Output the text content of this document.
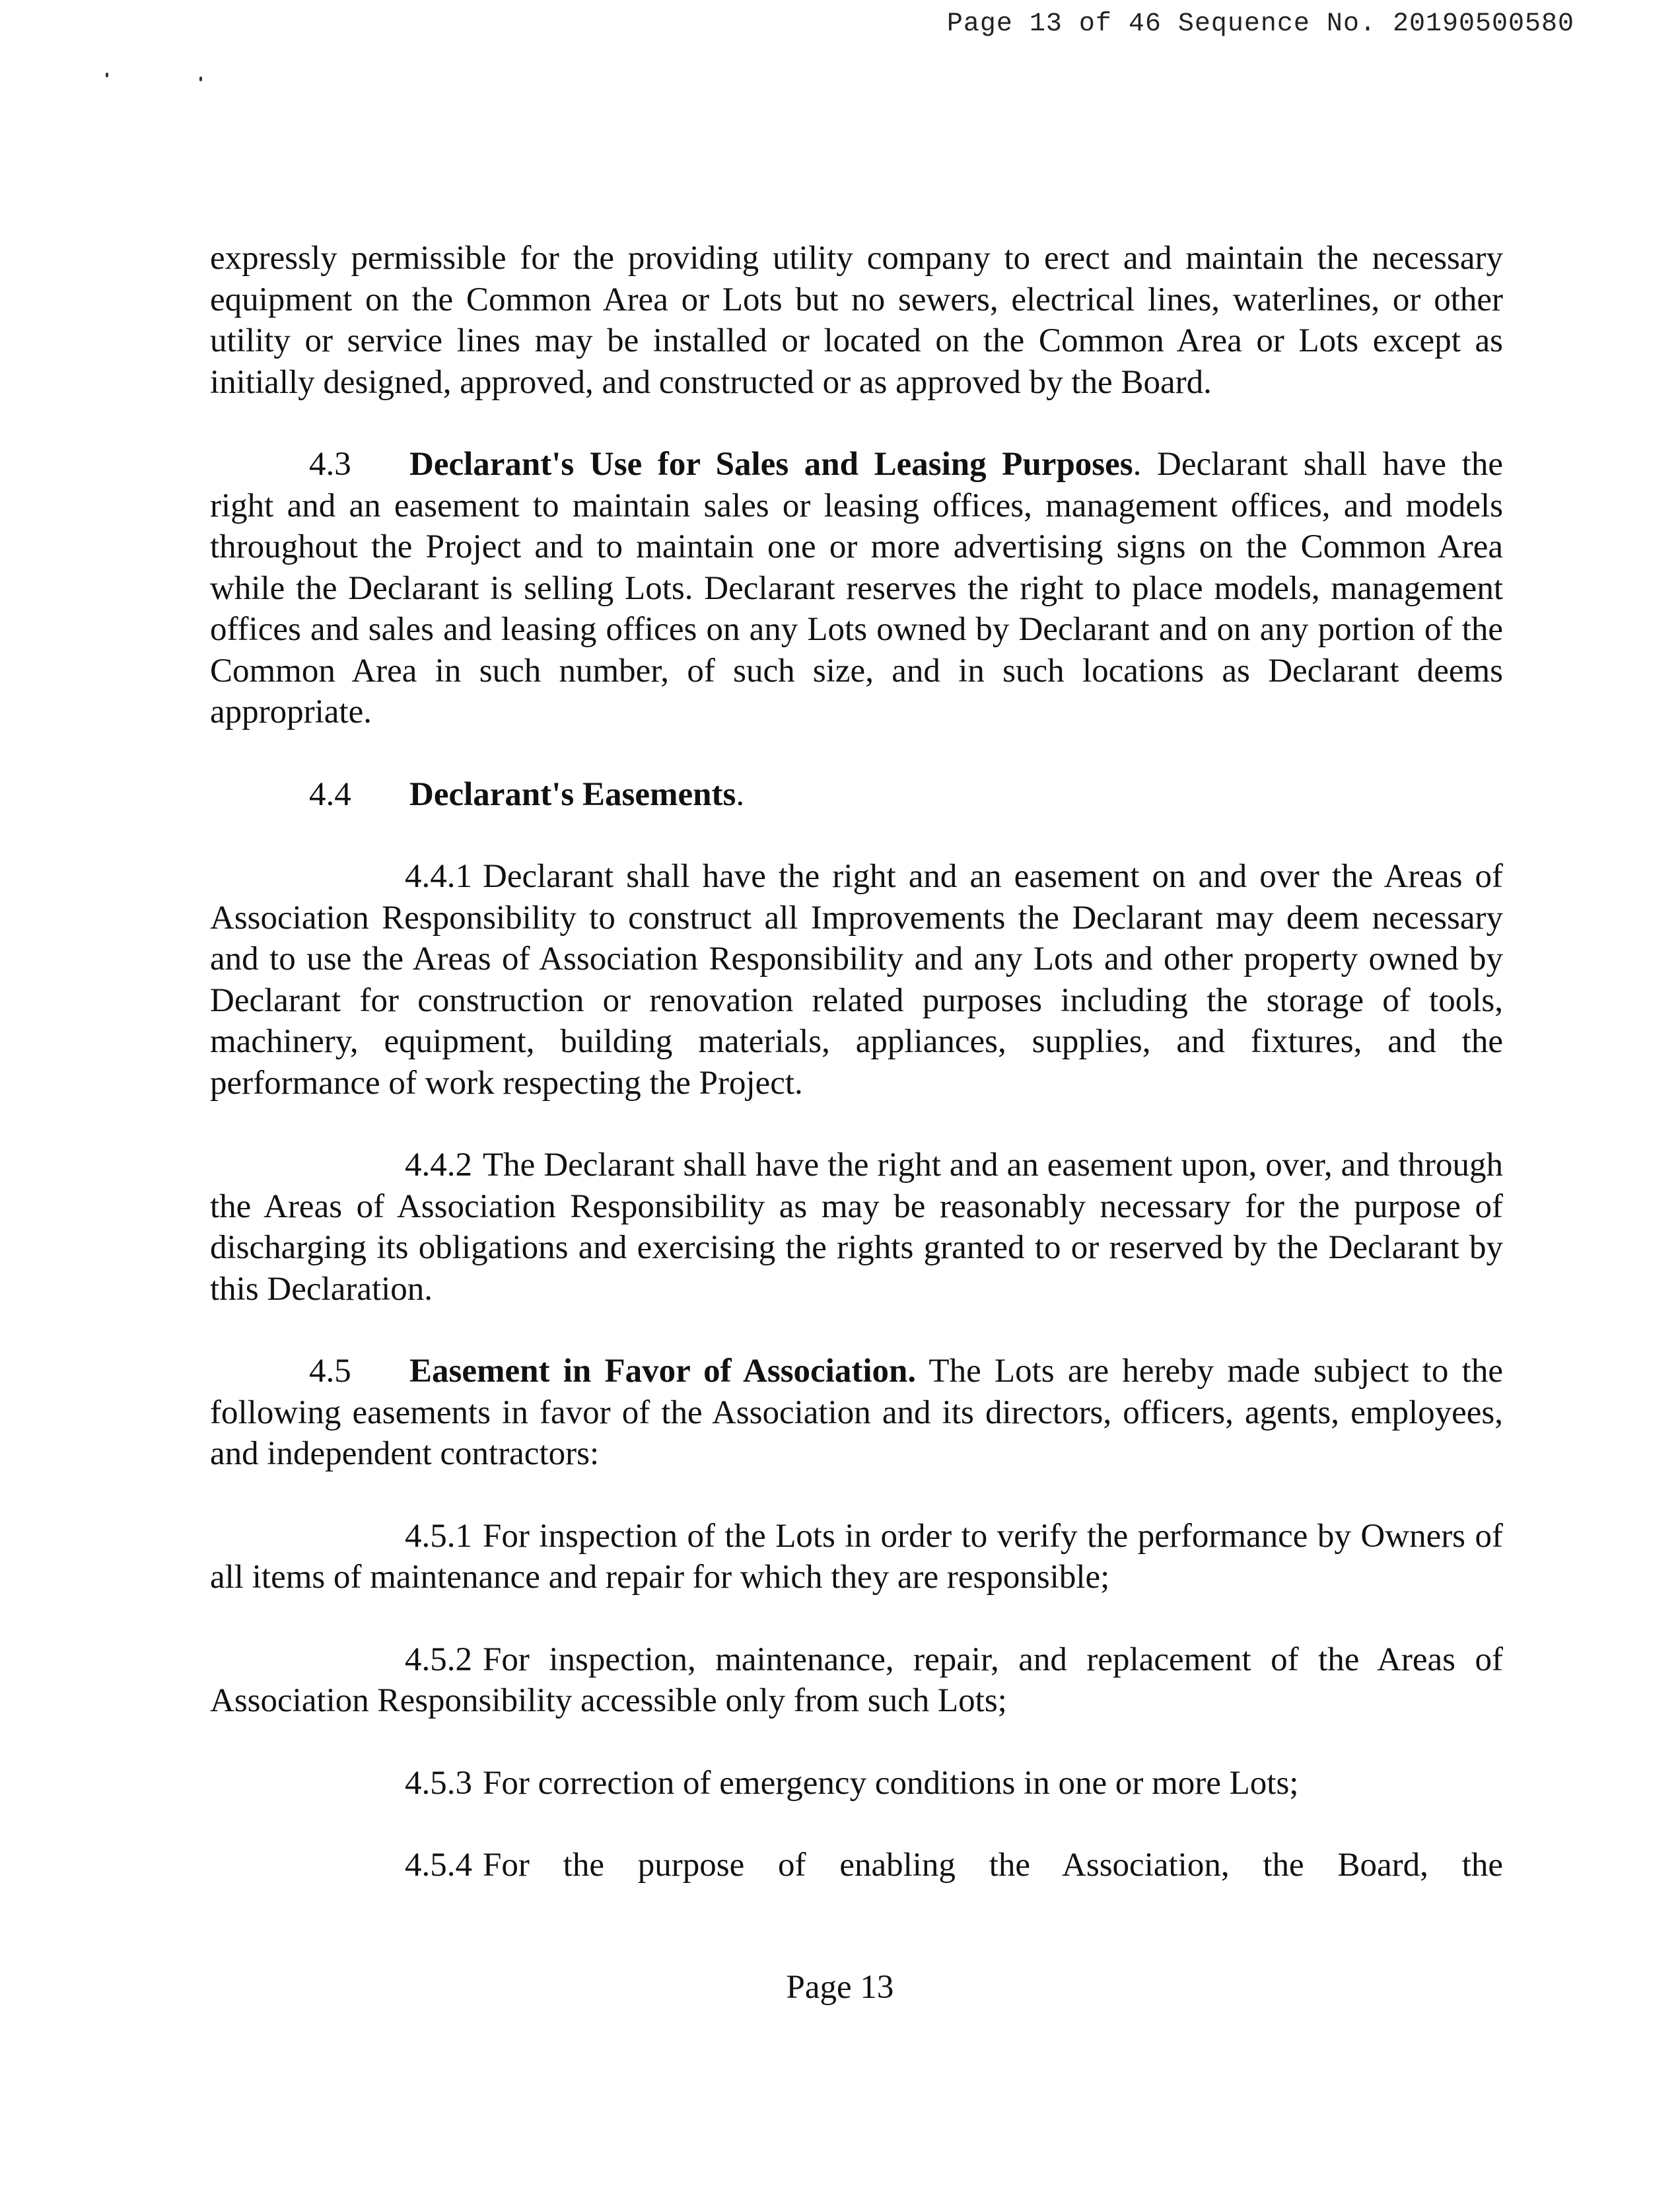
Page 13 of 46 Sequence No. 20190500580

expressly permissible for the providing utility company to erect and maintain the necessary equipment on the Common Area or Lots but no sewers, electrical lines, waterlines, or other utility or service lines may be installed or located on the Common Area or Lots except as initially designed, approved, and constructed or as approved by the Board.

4.3 Declarant's Use for Sales and Leasing Purposes. Declarant shall have the right and an easement to maintain sales or leasing offices, management offices, and models throughout the Project and to maintain one or more advertising signs on the Common Area while the Declarant is selling Lots. Declarant reserves the right to place models, management offices and sales and leasing offices on any Lots owned by Declarant and on any portion of the Common Area in such number, of such size, and in such locations as Declarant deems appropriate.

4.4 Declarant's Easements.

4.4.1 Declarant shall have the right and an easement on and over the Areas of Association Responsibility to construct all Improvements the Declarant may deem necessary and to use the Areas of Association Responsibility and any Lots and other property owned by Declarant for construction or renovation related purposes including the storage of tools, machinery, equipment, building materials, appliances, supplies, and fixtures, and the performance of work respecting the Project.

4.4.2 The Declarant shall have the right and an easement upon, over, and through the Areas of Association Responsibility as may be reasonably necessary for the purpose of discharging its obligations and exercising the rights granted to or reserved by the Declarant by this Declaration.

4.5 Easement in Favor of Association. The Lots are hereby made subject to the following easements in favor of the Association and its directors, officers, agents, employees, and independent contractors:

4.5.1 For inspection of the Lots in order to verify the performance by Owners of all items of maintenance and repair for which they are responsible;

4.5.2 For inspection, maintenance, repair, and replacement of the Areas of Association Responsibility accessible only from such Lots;

4.5.3 For correction of emergency conditions in one or more Lots;

4.5.4 For the purpose of enabling the Association, the Board, the

Page 13
